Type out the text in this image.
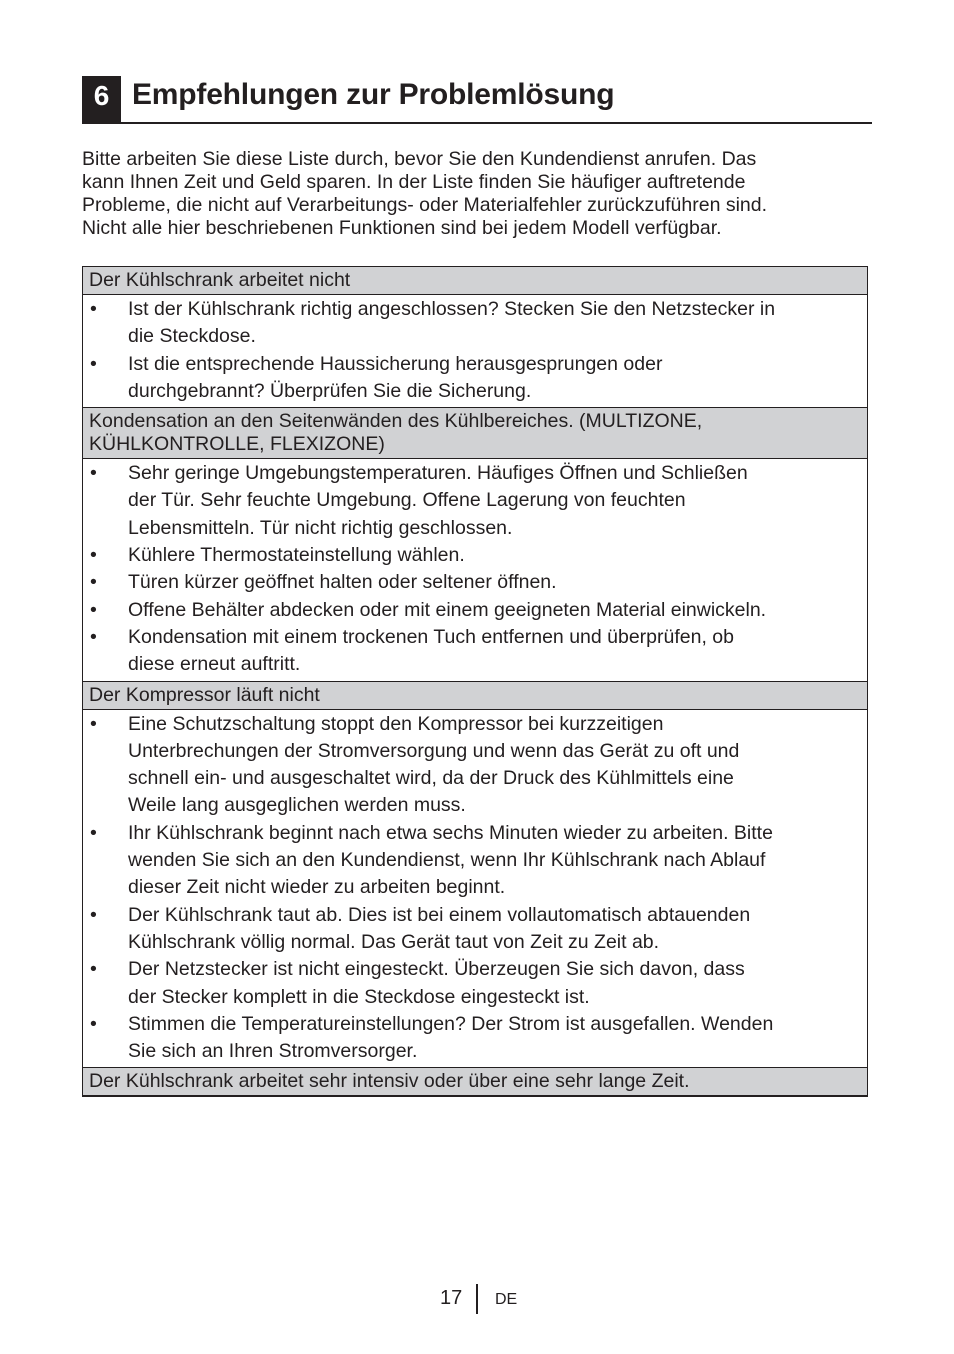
6 Empfehlungen zur Problemlösung

Bitte arbeiten Sie diese Liste durch, bevor Sie den Kundendienst anrufen. Das
kann Ihnen Zeit und Geld sparen. In der Liste finden Sie häufiger auftretende
Probleme, die nicht auf Verarbeitungs- oder Materialfehler zurückzuführen sind.
Nicht alle hier beschriebenen Funktionen sind bei jedem Modell verfügbar.

Der Kühlschrank arbeitet nicht
• Ist der Kühlschrank richtig angeschlossen? Stecken Sie den Netzstecker in
die Steckdose.
• Ist die entsprechende Haussicherung herausgesprungen oder
durchgebrannt? Überprüfen Sie die Sicherung.
Kondensation an den Seitenwänden des Kühlbereiches. (MULTIZONE,
KÜHLKONTROLLE, FLEXIZONE)
• Sehr geringe Umgebungstemperaturen. Häufiges Öffnen und Schließen
der Tür. Sehr feuchte Umgebung. Offene Lagerung von feuchten
Lebensmitteln. Tür nicht richtig geschlossen.
• Kühlere Thermostateinstellung wählen.
• Türen kürzer geöffnet halten oder seltener öffnen.
• Offene Behälter abdecken oder mit einem geeigneten Material einwickeln.
• Kondensation mit einem trockenen Tuch entfernen und überprüfen, ob
diese erneut auftritt.
Der Kompressor läuft nicht
• Eine Schutzschaltung stoppt den Kompressor bei kurzzeitigen
Unterbrechungen der Stromversorgung und wenn das Gerät zu oft und
schnell ein- und ausgeschaltet wird, da der Druck des Kühlmittels eine
Weile lang ausgeglichen werden muss.
• Ihr Kühlschrank beginnt nach etwa sechs Minuten wieder zu arbeiten. Bitte
wenden Sie sich an den Kundendienst, wenn Ihr Kühlschrank nach Ablauf
dieser Zeit nicht wieder zu arbeiten beginnt.
• Der Kühlschrank taut ab. Dies ist bei einem vollautomatisch abtauenden
Kühlschrank völlig normal. Das Gerät taut von Zeit zu Zeit ab.
• Der Netzstecker ist nicht eingesteckt. Überzeugen Sie sich davon, dass
der Stecker komplett in die Steckdose eingesteckt ist.
• Stimmen die Temperatureinstellungen? Der Strom ist ausgefallen. Wenden
Sie sich an Ihren Stromversorger.
Der Kühlschrank arbeitet sehr intensiv oder über eine sehr lange Zeit.
17 DE
